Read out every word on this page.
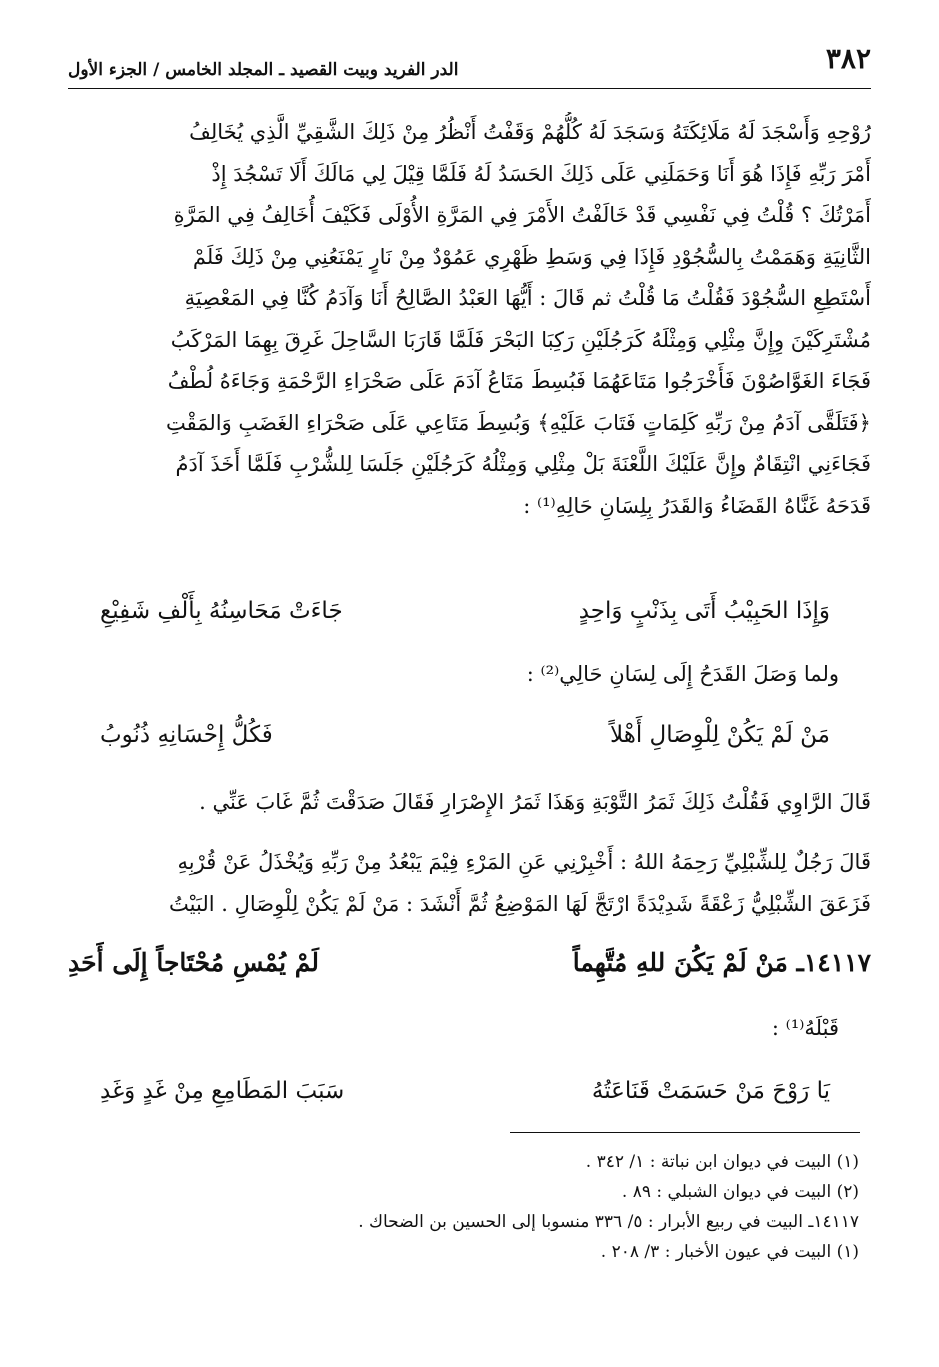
٣٨٢
الدر الفريد وبيت القصيد ـ المجلد الخامس / الجزء الأول
رُوْحِهِ وَأَسْجَدَ لَهُ مَلَائِكَتَهُ وَسَجَدَ لَهُ كُلُّهُمْ وَقَفْتُ أَنْظُرُ مِنْ ذَلِكَ الشَّقِيِّ الَّذِي يُخَالِفُ
أَمْرَ رَبِّهِ فَإِذَا هُوَ أَنَا وَحَمَلَنِي عَلَى ذَلِكَ الحَسَدُ لَهُ فَلَمَّا قِيْلَ لِي مَالَكَ أَلَا تَسْجُدَ إِذْ
أَمَرْتُكَ ؟ قُلْتُ فِي نَفْسِي قَدْ خَالَفْتُ الأَمْرَ فِي المَرَّةِ الأُوْلَى فَكَيْفَ أُخَالِفُ فِي المَرَّةِ
الثَّانِيَةِ وَهَمَمْتُ بِالسُّجُوْدِ فَإِذَا فِي وَسَطِ ظَهْرِي عَمُوْدٌ مِنْ نَارٍ يَمْنَعُنِي مِنْ ذَلِكَ فَلَمْ
أَسْتَطِعِ السُّجُوْدَ فَقُلْتُ مَا قُلْتُ ثم قَالَ : أَيُّهَا العَبْدُ الصَّالِحُ أَنَا وَآدَمُ كُنَّا فِي المَعْصِيَةِ
مُشْتَرِكَيْنَ وِإِنَّ مِثْلِي وَمِثْلَهُ كَرَجُلَيْنِ رَكِبَا البَحْرَ فَلَمَّا قَارَبَا السَّاحِلَ غَرِقَ بِهِمَا المَرْكَبُ
فَجَاءَ الغَوَّاصُوْنَ فَأَخْرَجُوا مَتَاعَهُمَا فَبُسِطَ مَتَاعُ آدَمَ عَلَى صَحْرَاءِ الرَّحْمَةِ وَجَاءَهُ لُطْفُ
﴿فَتَلَقَّى آدَمُ مِنْ رَبِّهِ كَلِمَاتٍ فَتَابَ عَلَيْهِ﴾ وَبُسِطَ مَتَاعِي عَلَى صَحْرَاءِ الغَضَبِ وَالمَقْتِ
فَجَاءَنِي انْتِقَامٌ وإِنَّ عَلَيْكَ اللَّعْنَةَ بَلْ مِثْلِي وَمِثْلُهُ كَرَجُلَيْنِ جَلَسَا لِلشُّرْبِ فَلَمَّا أَخَذَ آدَمُ
قَدَحَهُ غَنَّاهُ القَضَاءُ وَالقَدَرُ بِلِسَانِ حَالِهِ⁽¹⁾ :
وَإِذَا الحَبِيْبُ أَتَى بِذَنْبٍ وَاحِدٍ
جَاءَتْ مَحَاسِنُهُ بِأَلْفِ شَفِيْعِ
ولما وَصَلَ القَدَحُ إِلَى لِسَانِ حَالِي⁽²⁾ :
مَنْ لَمْ يَكُنْ لِلْوِصَالِ أَهْلاً
فَكُلُّ إِحْسَانِهِ ذُنُوبُ
قَالَ الرَّاوِي فَقُلْتُ ذَلِكَ ثَمَرُ التَّوْبَةِ وَهَذَا ثَمَرُ الإِصْرَارِ فَقَالَ صَدَقْتَ ثُمَّ غَابَ عَنِّي .
قَالَ رَجُلٌ لِلشِّبْلِيِّ رَحِمَهُ اللهُ : أَخْبِرْنِي عَنِ المَرْءِ فِيْمَ يَبْعُدُ مِنْ رَبِّهِ وَيُخْذَلُ عَنْ قُرْبِهِ
فَزَعَقَ الشِّبْلِيُّ زَعْقَةً شَدِيْدَةً ارْتَجَّ لَهَا المَوْضِعُ ثُمَّ أَنْشَدَ : مَنْ لَمْ يَكُنْ لِلْوِصَالِ . البَيْتُ
١٤١١٧ـ مَنْ لَمْ يَكُنَ للهِ مُتَّهِماً
لَمْ يُمْسِ مُحْتَاجاً إِلَى أَحَدِ
قَبْلَهُ⁽¹⁾ :
يَا رَوْحَ مَنْ حَسَمَتْ قَنَاعَتُهُ
سَبَبَ المَطَامِعِ مِنْ غَدٍ وَغَدِ
(١) البيت في ديوان ابن نباتة : ١/ ٣٤٢ .
(٢) البيت في ديوان الشبلي : ٨٩ .
١٤١١٧ـ البيت في ربيع الأبرار : ٥/ ٣٣٦ منسوبا إلى الحسين بن الضحاك .
(١) البيت في عيون الأخبار : ٣/ ٢٠٨ .
